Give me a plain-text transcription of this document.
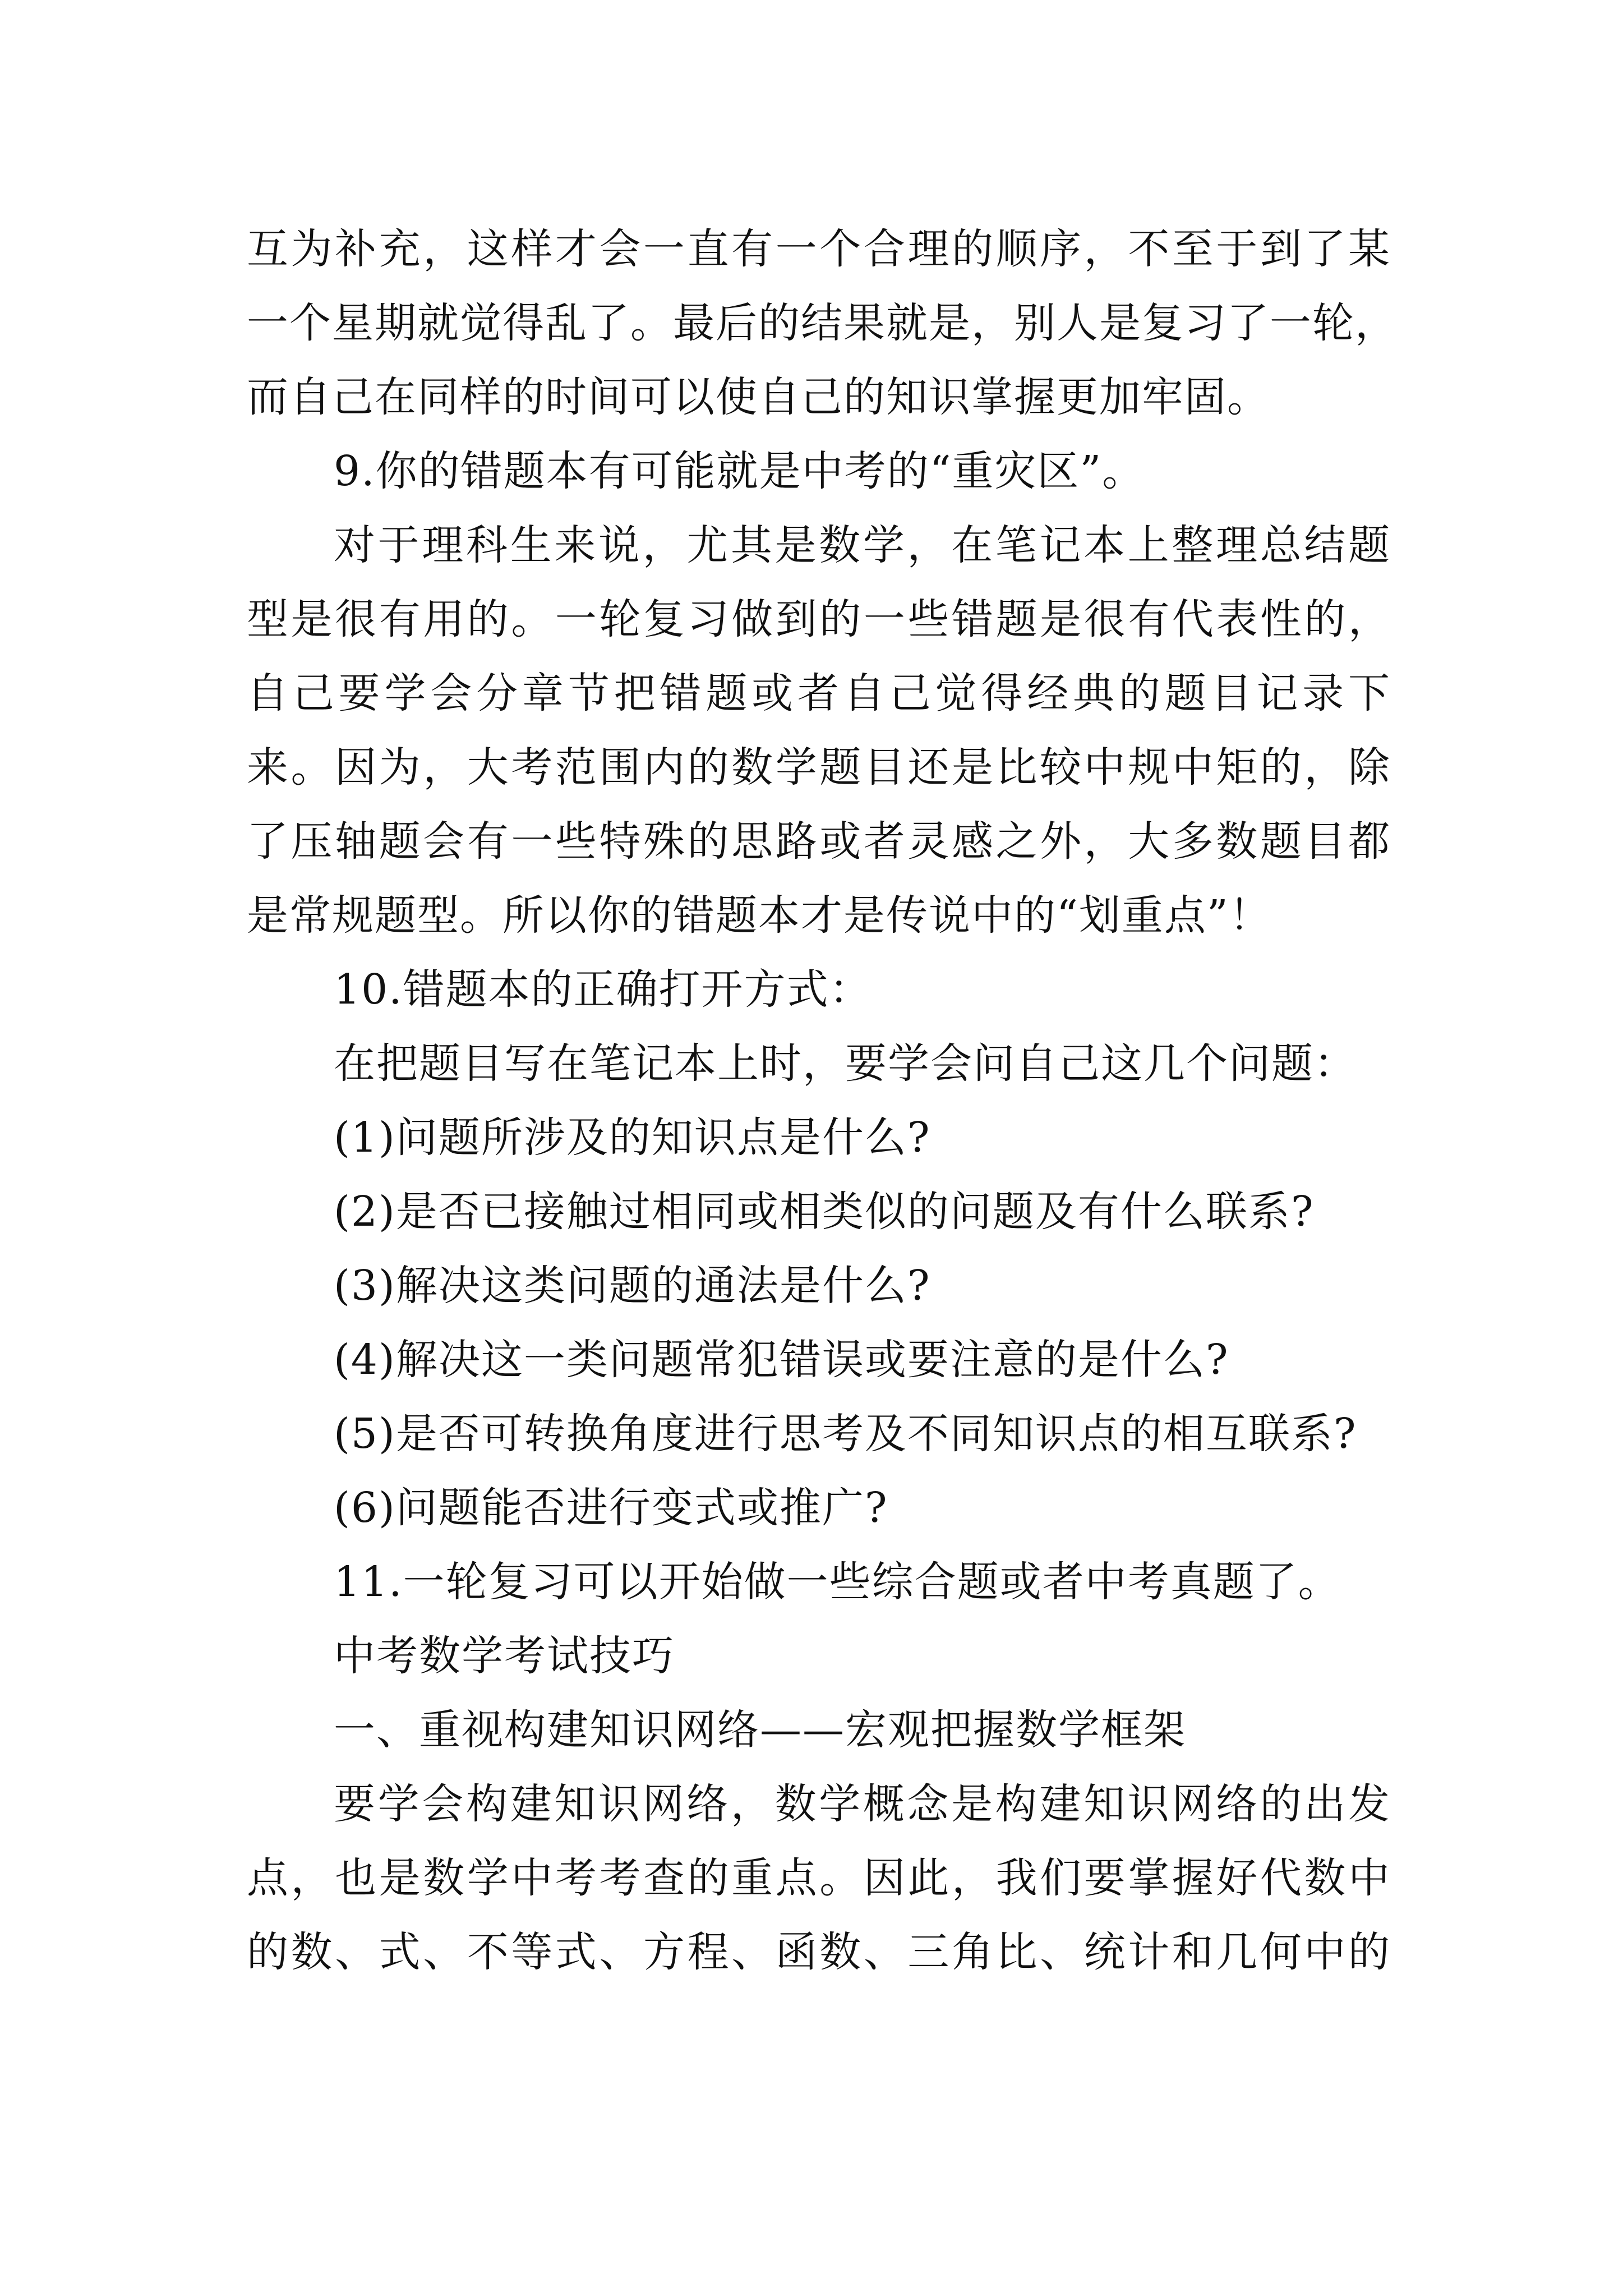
互为补充，这样才会一直有一个合理的顺序，不至于到了某
一个星期就觉得乱了。最后的结果就是，别人是复习了一轮，
而自己在同样的时间可以使自己的知识掌握更加牢固。
9.你的错题本有可能就是中考的“重灾区”。
对于理科生来说，尤其是数学，在笔记本上整理总结题
型是很有用的。一轮复习做到的一些错题是很有代表性的，
自己要学会分章节把错题或者自己觉得经典的题目记录下
来。因为，大考范围内的数学题目还是比较中规中矩的，除
了压轴题会有一些特殊的思路或者灵感之外，大多数题目都
是常规题型。所以你的错题本才是传说中的“划重点”！
10.错题本的正确打开方式：
在把题目写在笔记本上时，要学会问自己这几个问题：
(1)问题所涉及的知识点是什么?
(2)是否已接触过相同或相类似的问题及有什么联系?
(3)解决这类问题的通法是什么?
(4)解决这一类问题常犯错误或要注意的是什么?
(5)是否可转换角度进行思考及不同知识点的相互联系?
(6)问题能否进行变式或推广?
11.一轮复习可以开始做一些综合题或者中考真题了。
中考数学考试技巧
一、重视构建知识网络——宏观把握数学框架
要学会构建知识网络，数学概念是构建知识网络的出发
点，也是数学中考考查的重点。因此，我们要掌握好代数中
的数、式、不等式、方程、函数、三角比、统计和几何中的
